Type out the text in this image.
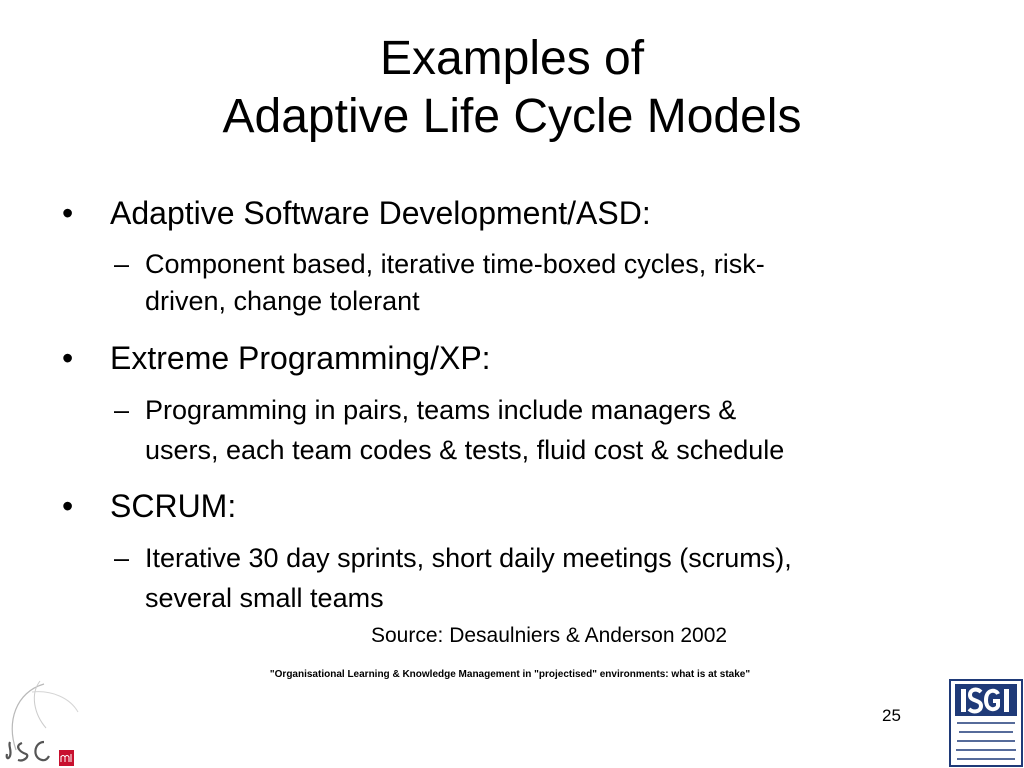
Examples of
Adaptive Life Cycle Models
• Adaptive Software Development/ASD:
– Component based, iterative time-boxed cycles, risk-
driven, change tolerant
• Extreme Programming/XP:
– Programming in pairs, teams include managers &
users, each team codes & tests, fluid cost & schedule
• SCRUM:
– Iterative 30 day sprints, short daily meetings (scrums),
several small teams
Source: Desaulniers & Anderson 2002
"Organisational Learning & Knowledge Management in "projectised" environments: what is at stake"
25
